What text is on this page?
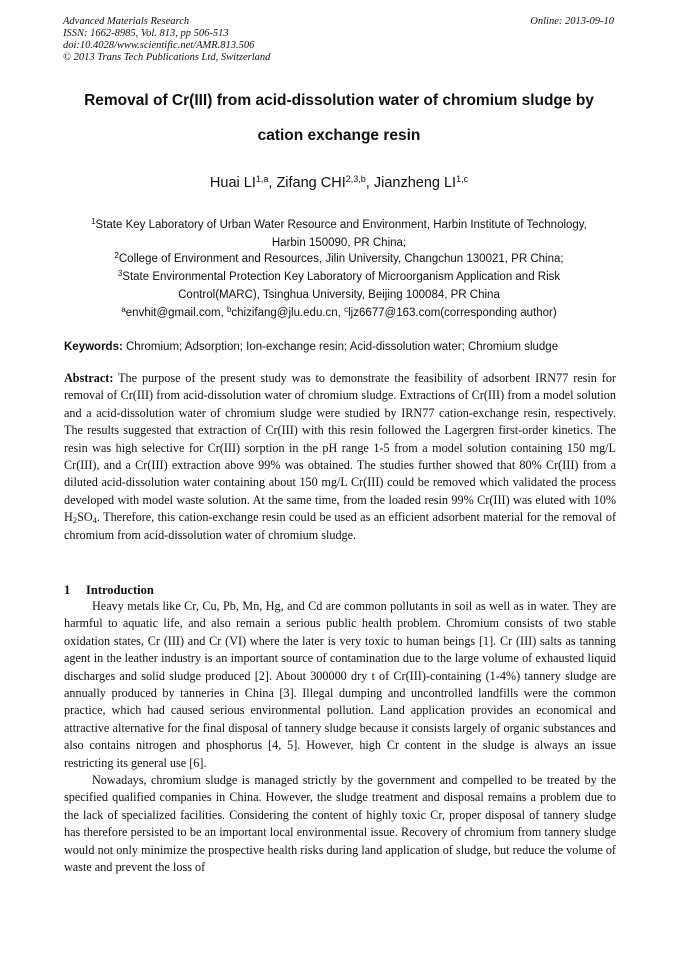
Advanced Materials Research
ISSN: 1662-8985, Vol. 813, pp 506-513
doi:10.4028/www.scientific.net/AMR.813.506
© 2013 Trans Tech Publications Ltd, Switzerland
Online: 2013-09-10
Removal of Cr(III) from acid-dissolution water of chromium sludge by
cation exchange resin
Huai LI$^{1,a}$, Zifang CHI$^{2,3,b}$, Jianzheng LI$^{1,c}$
$^1$State Key Laboratory of Urban Water Resource and Environment, Harbin Institute of Technology,
Harbin 150090, PR China;
$^2$College of Environment and Resources, Jilin University, Changchun 130021, PR China;
$^3$State Environmental Protection Key Laboratory of Microorganism Application and Risk
Control(MARC), Tsinghua University, Beijing 100084, PR China
$^a$envhit@gmail.com, $^b$chizifang@jlu.edu.cn, $^c$ljz6677@163.com(corresponding author)
Keywords: Chromium; Adsorption; Ion-exchange resin; Acid-dissolution water; Chromium sludge
Abstract: The purpose of the present study was to demonstrate the feasibility of adsorbent IRN77 resin for removal of Cr(III) from acid-dissolution water of chromium sludge. Extractions of Cr(III) from a model solution and a acid-dissolution water of chromium sludge were studied by IRN77 cation-exchange resin, respectively. The results suggested that extraction of Cr(III) with this resin followed the Lagergren first-order kinetics. The resin was high selective for Cr(III) sorption in the pH range 1-5 from a model solution containing 150 mg/L Cr(III), and a Cr(III) extraction above 99% was obtained. The studies further showed that 80% Cr(III) from a diluted acid-dissolution water containing about 150 mg/L Cr(III) could be removed which validated the process developed with model waste solution. At the same time, from the loaded resin 99% Cr(III) was eluted with 10% $H_2SO_4$. Therefore, this cation-exchange resin could be used as an efficient adsorbent material for the removal of chromium from acid-dissolution water of chromium sludge.
1 Introduction

Heavy metals like Cr, Cu, Pb, Mn, Hg, and Cd are common pollutants in soil as well as in water. They are harmful to aquatic life, and also remain a serious public health problem. Chromium consists of two stable oxidation states, Cr (III) and Cr (VI) where the later is very toxic to human beings [1]. Cr (III) salts as tanning agent in the leather industry is an important source of contamination due to the large volume of exhausted liquid discharges and solid sludge produced [2]. About 300000 dry t of Cr(III)-containing (1-4%) tannery sludge are annually produced by tanneries in China [3]. Illegal dumping and uncontrolled landfills were the common practice, which had caused serious environmental pollution. Land application provides an economical and attractive alternative for the final disposal of tannery sludge because it consists largely of organic substances and also contains nitrogen and phosphorus [4, 5]. However, high Cr content in the sludge is always an issue restricting its general use [6].

Nowadays, chromium sludge is managed strictly by the government and compelled to be treated by the specified qualified companies in China. However, the sludge treatment and disposal remains a problem due to the lack of specialized facilities. Considering the content of highly toxic Cr, proper disposal of tannery sludge has therefore persisted to be an important local environmental issue. Recovery of chromium from tannery sludge would not only minimize the prospective health risks during land application of sludge, but reduce the volume of waste and prevent the loss of
